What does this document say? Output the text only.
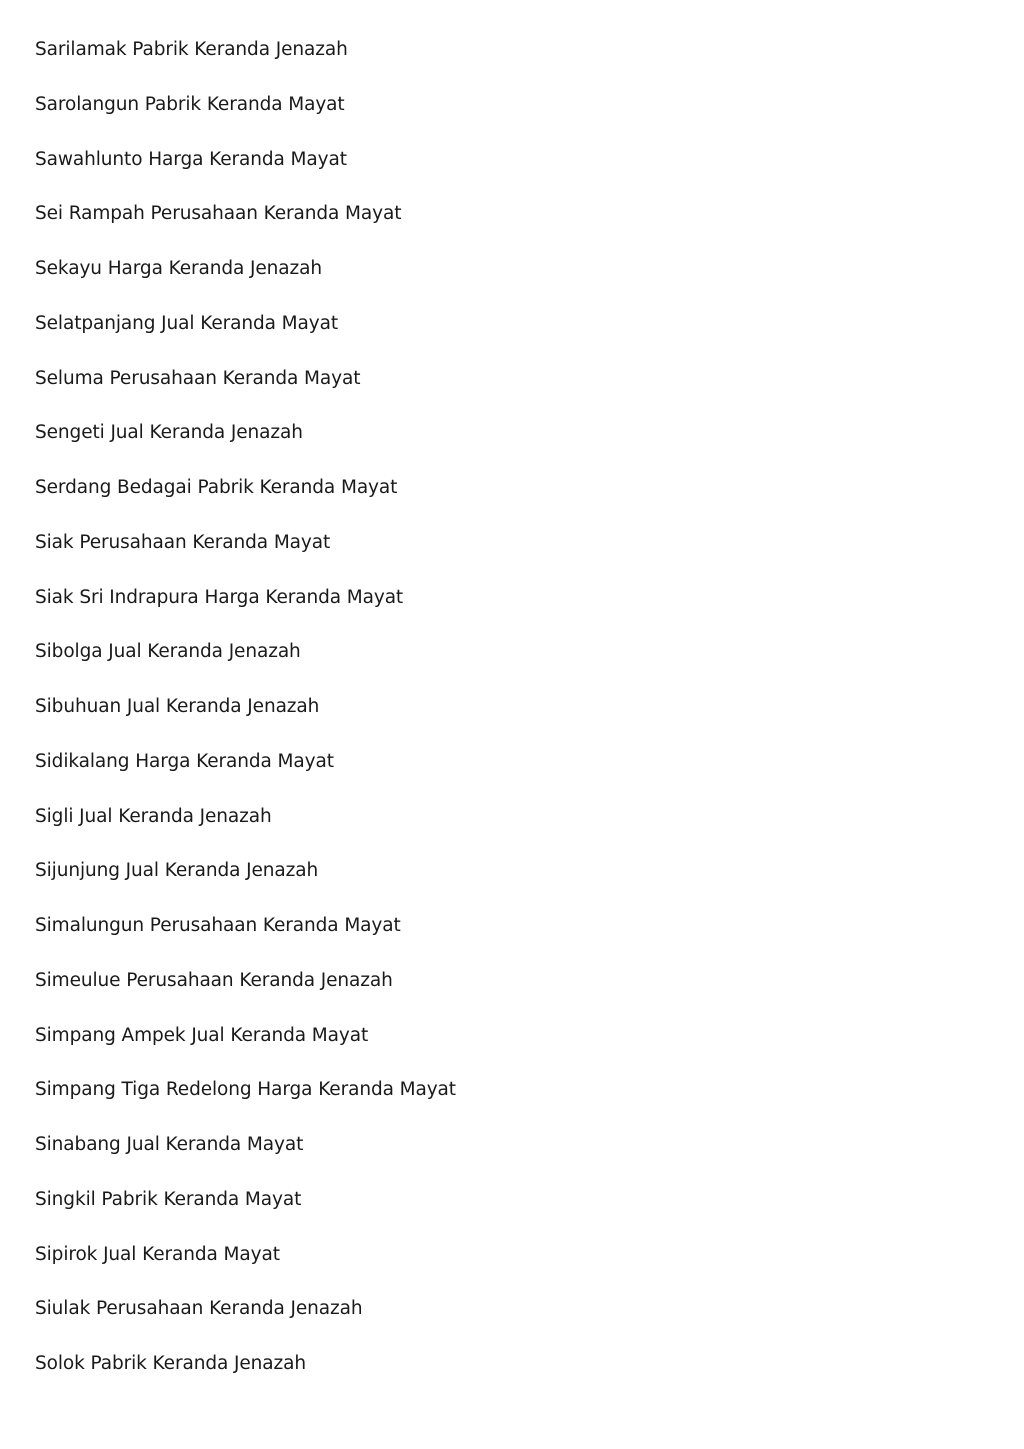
Sarilamak Pabrik Keranda Jenazah
Sarolangun Pabrik Keranda Mayat
Sawahlunto Harga Keranda Mayat
Sei Rampah Perusahaan Keranda Mayat
Sekayu Harga Keranda Jenazah
Selatpanjang Jual Keranda Mayat
Seluma Perusahaan Keranda Mayat
Sengeti Jual Keranda Jenazah
Serdang Bedagai Pabrik Keranda Mayat
Siak Perusahaan Keranda Mayat
Siak Sri Indrapura Harga Keranda Mayat
Sibolga Jual Keranda Jenazah
Sibuhuan Jual Keranda Jenazah
Sidikalang Harga Keranda Mayat
Sigli Jual Keranda Jenazah
Sijunjung Jual Keranda Jenazah
Simalungun Perusahaan Keranda Mayat
Simeulue Perusahaan Keranda Jenazah
Simpang Ampek Jual Keranda Mayat
Simpang Tiga Redelong Harga Keranda Mayat
Sinabang Jual Keranda Mayat
Singkil Pabrik Keranda Mayat
Sipirok Jual Keranda Mayat
Siulak Perusahaan Keranda Jenazah
Solok Pabrik Keranda Jenazah
